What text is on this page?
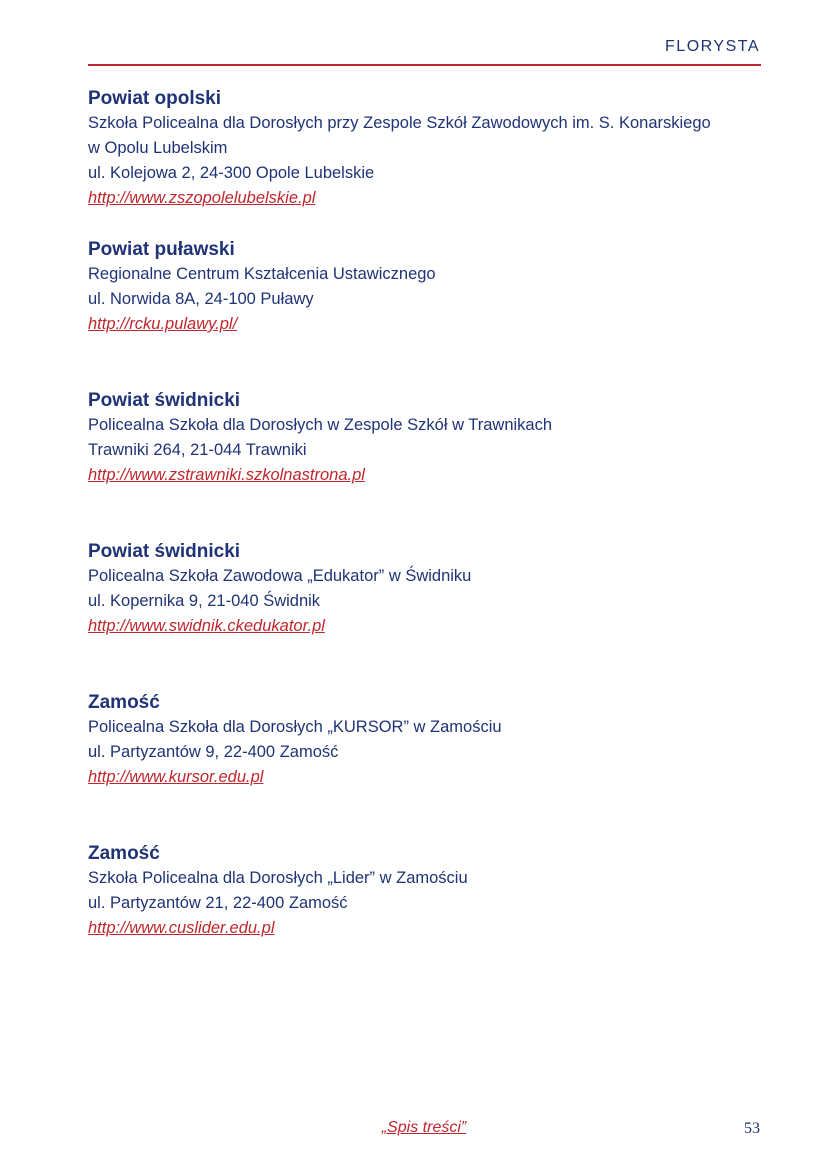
FLORYSTA
Powiat opolski
Szkoła Policealna dla Dorosłych przy Zespole Szkół Zawodowych im. S. Konarskiego
w Opolu Lubelskim
ul. Kolejowa 2, 24-300 Opole Lubelskie
http://www.zszopolelubelskie.pl
Powiat puławski
Regionalne Centrum Kształcenia Ustawicznego
ul. Norwida 8A, 24-100 Puławy
http://rcku.pulawy.pl/
Powiat świdnicki
Policealna Szkoła dla Dorosłych w Zespole Szkół w Trawnikach
Trawniki 264, 21-044 Trawniki
http://www.zstrawniki.szkolnastrona.pl
Powiat świdnicki
Policealna Szkoła Zawodowa „Edukator” w Świdniku
ul. Kopernika 9, 21-040 Świdnik
http://www.swidnik.ckedukator.pl
Zamość
Policealna Szkoła dla Dorosłych „KURSOR” w Zamościu
ul. Partyzantów 9, 22-400 Zamość
http://www.kursor.edu.pl
Zamość
Szkoła Policealna dla Dorosłych „Lider” w Zamościu
ul. Partyzantów 21, 22-400 Zamość
http://www.cuslider.edu.pl
„Spis treści”	53
